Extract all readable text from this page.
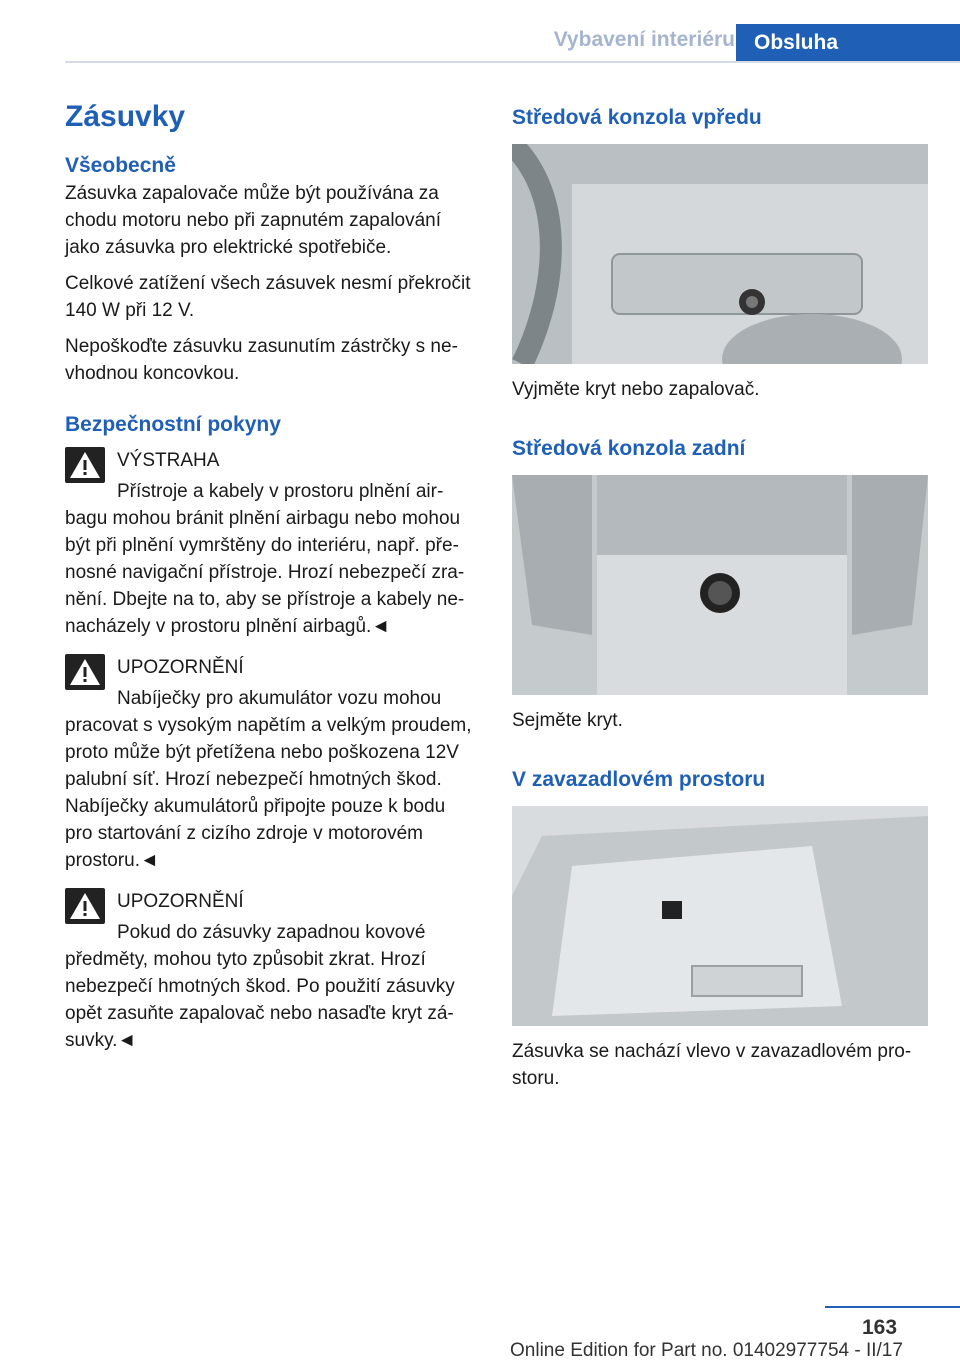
Vybavení interiéru Obsluha
Zásuvky
Všeobecně

Zásuvka zapalovače může být používána za chodu motoru nebo při zapnutém zapalování jako zásuvka pro elektrické spotřebiče.

Celkové zatížení všech zásuvek nesmí překročit 140 W při 12 V.

Nepoškoďte zásuvku zasunutím zástrčky s nevhodnou koncovkou.

Bezpečnostní pokyny
VÝSTRAHA

Přístroje a kabely v prostoru plnění airbagu mohou bránit plnění airbagu nebo mohou být při plnění vymrštěny do interiéru, např. přenosné navigační přístroje. Hrozí nebezpečí zranění. Dbejte na to, aby se přístroje a kabely nenacházely v prostoru plnění airbagů.◄

UPOZORNĚNÍ

Nabíječky pro akumulátor vozu mohou pracovat s vysokým napětím a velkým proudem, proto může být přetížena nebo poškozena 12V palubní síť. Hrozí nebezpečí hmotných škod. Nabíječky akumulátorů připojte pouze k bodu pro startování z cizího zdroje v motorovém prostoru.◄

UPOZORNĚNÍ

Pokud do zásuvky zapadnou kovové předměty, mohou tyto způsobit zkrat. Hrozí nebezpečí hmotných škod. Po použití zásuvky opět zasuňte zapalovač nebo nasaďte kryt zásuvky.◄

Středová konzola vpředu

Vyjměte kryt nebo zapalovač.

Středová konzola zadní

Sejměte kryt.

V zavazadlovém prostoru

Zásuvka se nachází vlevo v zavazadlovém prostoru.

163
Online Edition for Part no. 01402977754 - II/17
